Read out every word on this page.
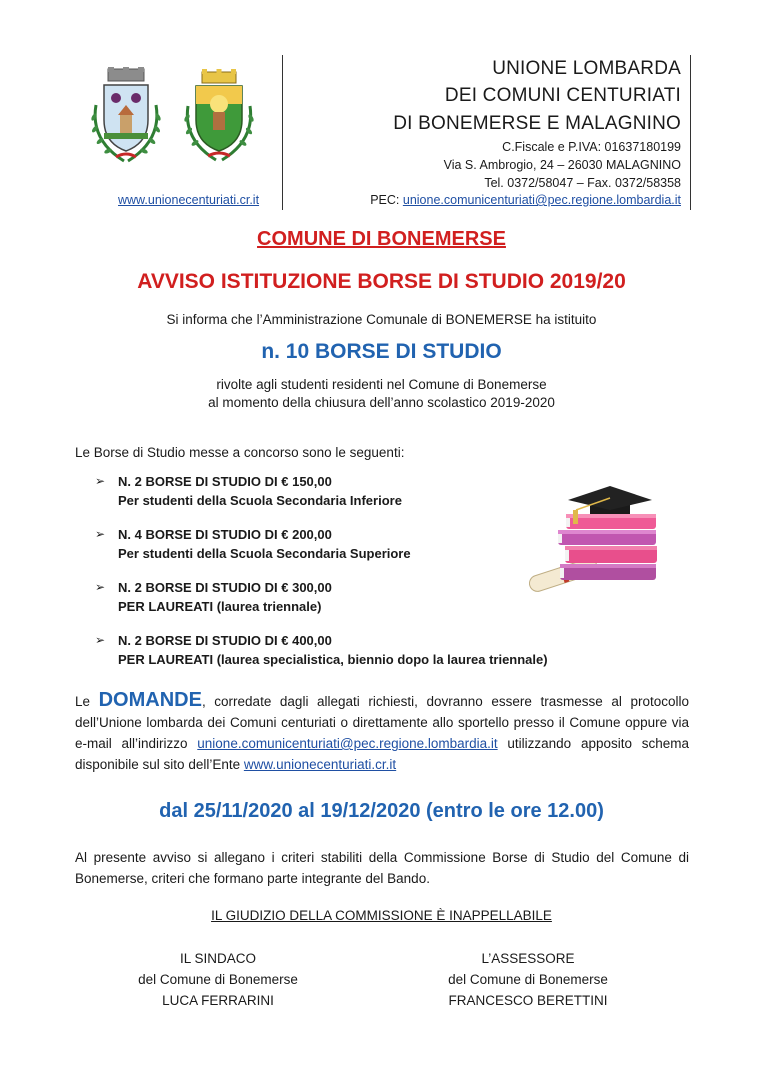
UNIONE LOMBARDA
DEI COMUNI CENTURIATI
DI BONEMERSE E MALAGNINO
C.Fiscale e P.IVA: 01637180199
Via S. Ambrogio, 24 – 26030 MALAGNINO
Tel. 0372/58047 – Fax. 0372/58358
PEC: unione.comunicenturiati@pec.regione.lombardia.it
www.unionecenturiati.cr.it
COMUNE DI BONEMERSE
AVVISO ISTITUZIONE BORSE DI STUDIO 2019/20
Si informa che l’Amministrazione Comunale di BONEMERSE ha istituito
n. 10 BORSE DI STUDIO
rivolte agli studenti residenti nel Comune di Bonemerse
al momento della chiusura dell’anno scolastico 2019-2020
Le Borse di Studio messe a concorso sono le seguenti:
➢ N. 2 BORSE DI STUDIO DI € 150,00
Per studenti della Scuola Secondaria Inferiore
➢ N. 4 BORSE DI STUDIO DI € 200,00
Per studenti della Scuola Secondaria Superiore
➢ N. 2 BORSE DI STUDIO DI € 300,00
PER LAUREATI (laurea triennale)
➢ N. 2 BORSE DI STUDIO DI € 400,00
PER LAUREATI (laurea specialistica, biennio dopo la laurea triennale)
Le DOMANDE, corredate dagli allegati richiesti, dovranno essere trasmesse al protocollo dell’Unione lombarda dei Comuni centuriati o direttamente allo sportello presso il Comune oppure via e-mail all’indirizzo unione.comunicenturiati@pec.regione.lombardia.it utilizzando apposito schema disponibile sul sito dell’Ente www.unionecenturiati.cr.it
dal 25/11/2020 al 19/12/2020 (entro le ore 12.00)
Al presente avviso si allegano i criteri stabiliti della Commissione Borse di Studio del Comune di Bonemerse, criteri che formano parte integrante del Bando.
IL GIUDIZIO DELLA COMMISSIONE È INAPPELLABILE
IL SINDACO
del Comune di Bonemerse
LUCA FERRARINI
L’ASSESSORE
del Comune di Bonemerse
FRANCESCO BERETTINI
